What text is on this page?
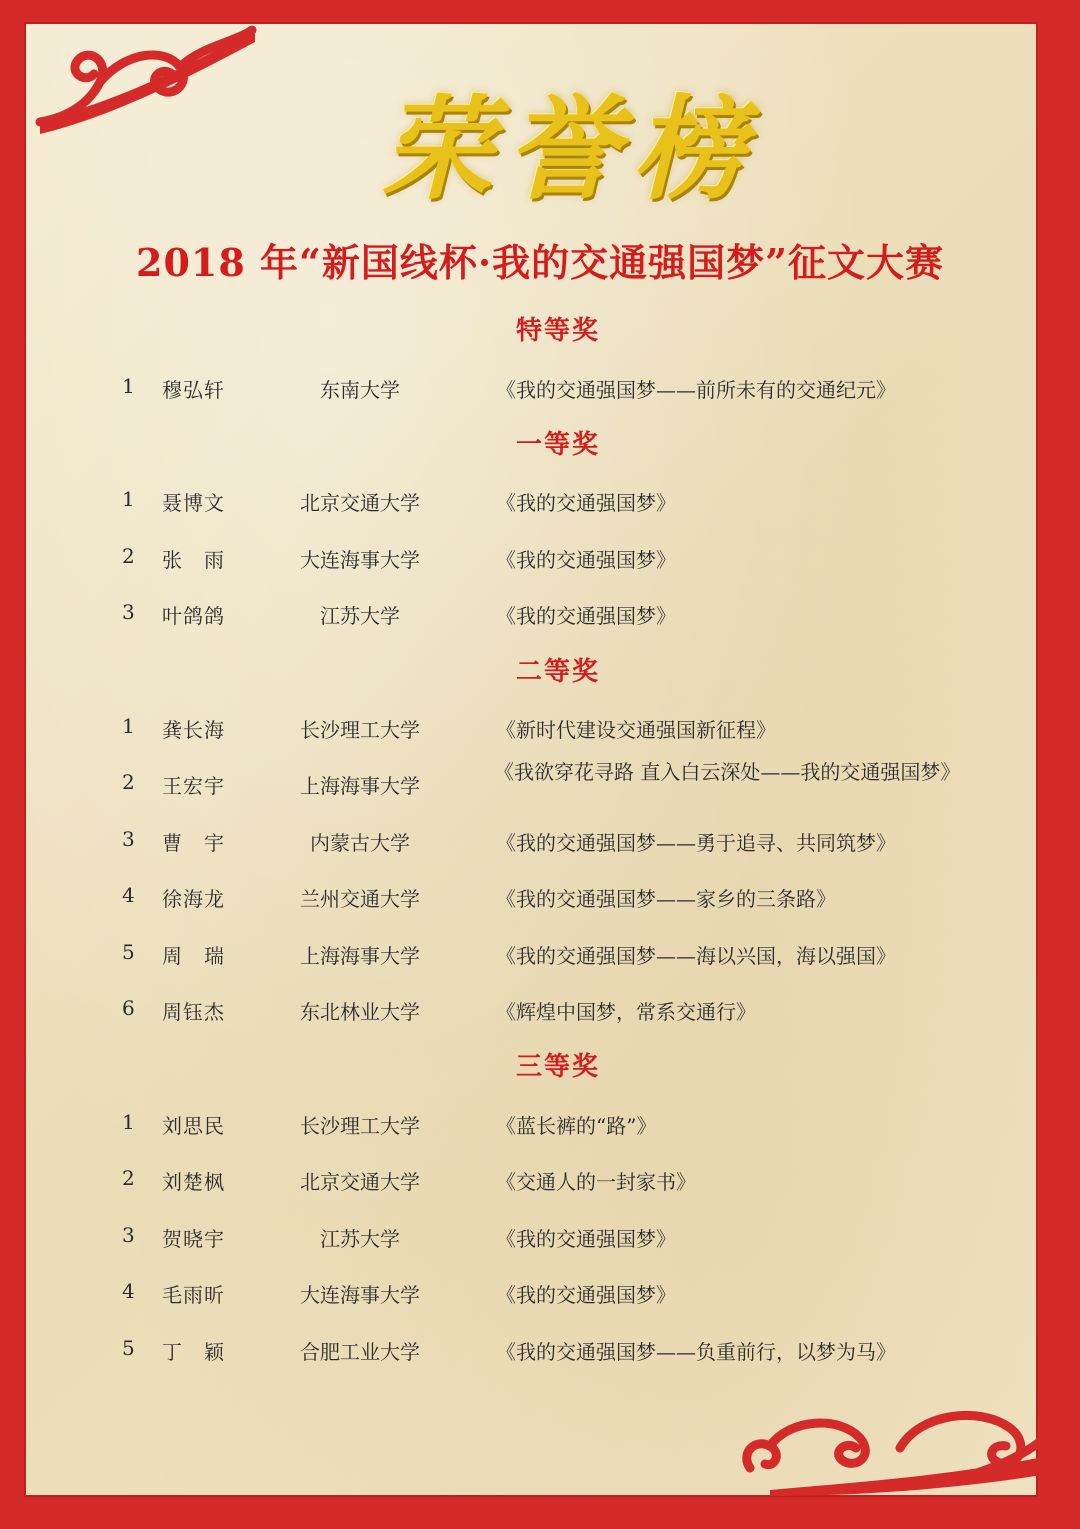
荣誉榜
2018 年“新国线杯·我的交通强国梦”征文大赛
特等奖
1 穆弘轩	东南大学	《我的交通强国梦——前所未有的交通纪元》
一等奖
1 聂博文	北京交通大学	《我的交通强国梦》
2 张　雨	大连海事大学	《我的交通强国梦》
3 叶鸽鸽	江苏大学	《我的交通强国梦》
二等奖
1 龚长海	长沙理工大学	《新时代建设交通强国新征程》
2 王宏宇	上海海事大学
《我欲穿花寻路 直入白云深处——我的交通强国梦》
3 曹　宇	内蒙古大学	《我的交通强国梦——勇于追寻、共同筑梦》
4 徐海龙	兰州交通大学	《我的交通强国梦——家乡的三条路》
5 周　瑞	上海海事大学	《我的交通强国梦——海以兴国，海以强国》
6 周钰杰	东北林业大学	《辉煌中国梦，常系交通行》
三等奖
1 刘思民	长沙理工大学	《蓝长裤的“路”》
2 刘楚枫	北京交通大学	《交通人的一封家书》
3 贺晓宇	江苏大学	《我的交通强国梦》
4 毛雨昕	大连海事大学	《我的交通强国梦》
5 丁　颖	合肥工业大学	《我的交通强国梦——负重前行，以梦为马》
